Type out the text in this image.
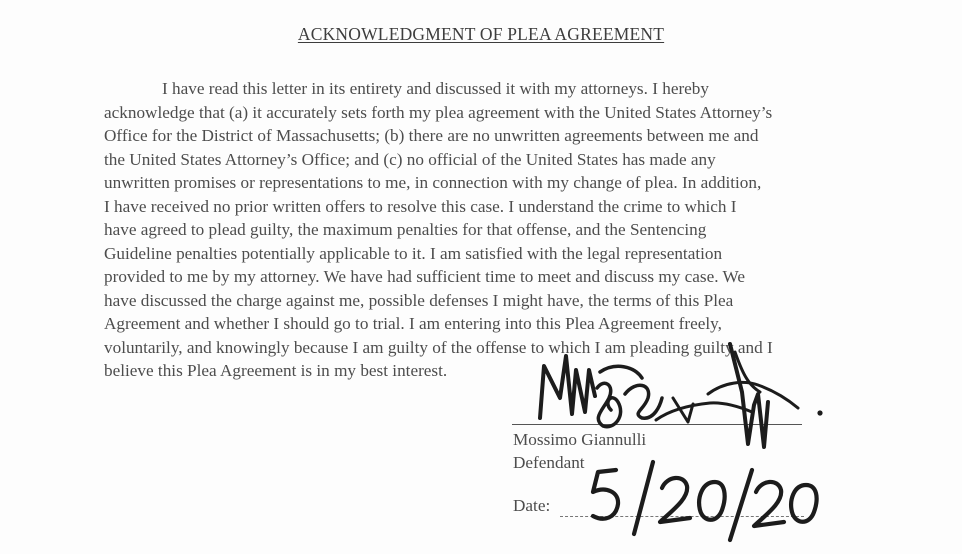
ACKNOWLEDGMENT OF PLEA AGREEMENT
I have read this letter in its entirety and discussed it with my attorneys. I hereby
acknowledge that (a) it accurately sets forth my plea agreement with the United States Attorney’s
Office for the District of Massachusetts; (b) there are no unwritten agreements between me and
the United States Attorney’s Office; and (c) no official of the United States has made any
unwritten promises or representations to me, in connection with my change of plea. In addition,
I have received no prior written offers to resolve this case. I understand the crime to which I
have agreed to plead guilty, the maximum penalties for that offense, and the Sentencing
Guideline penalties potentially applicable to it. I am satisfied with the legal representation
provided to me by my attorney. We have had sufficient time to meet and discuss my case. We
have discussed the charge against me, possible defenses I might have, the terms of this Plea
Agreement and whether I should go to trial. I am entering into this Plea Agreement freely,
voluntarily, and knowingly because I am guilty of the offense to which I am pleading guilty and I
believe this Plea Agreement is in my best interest.
Mossimo Giannulli
Defendant
Date:
